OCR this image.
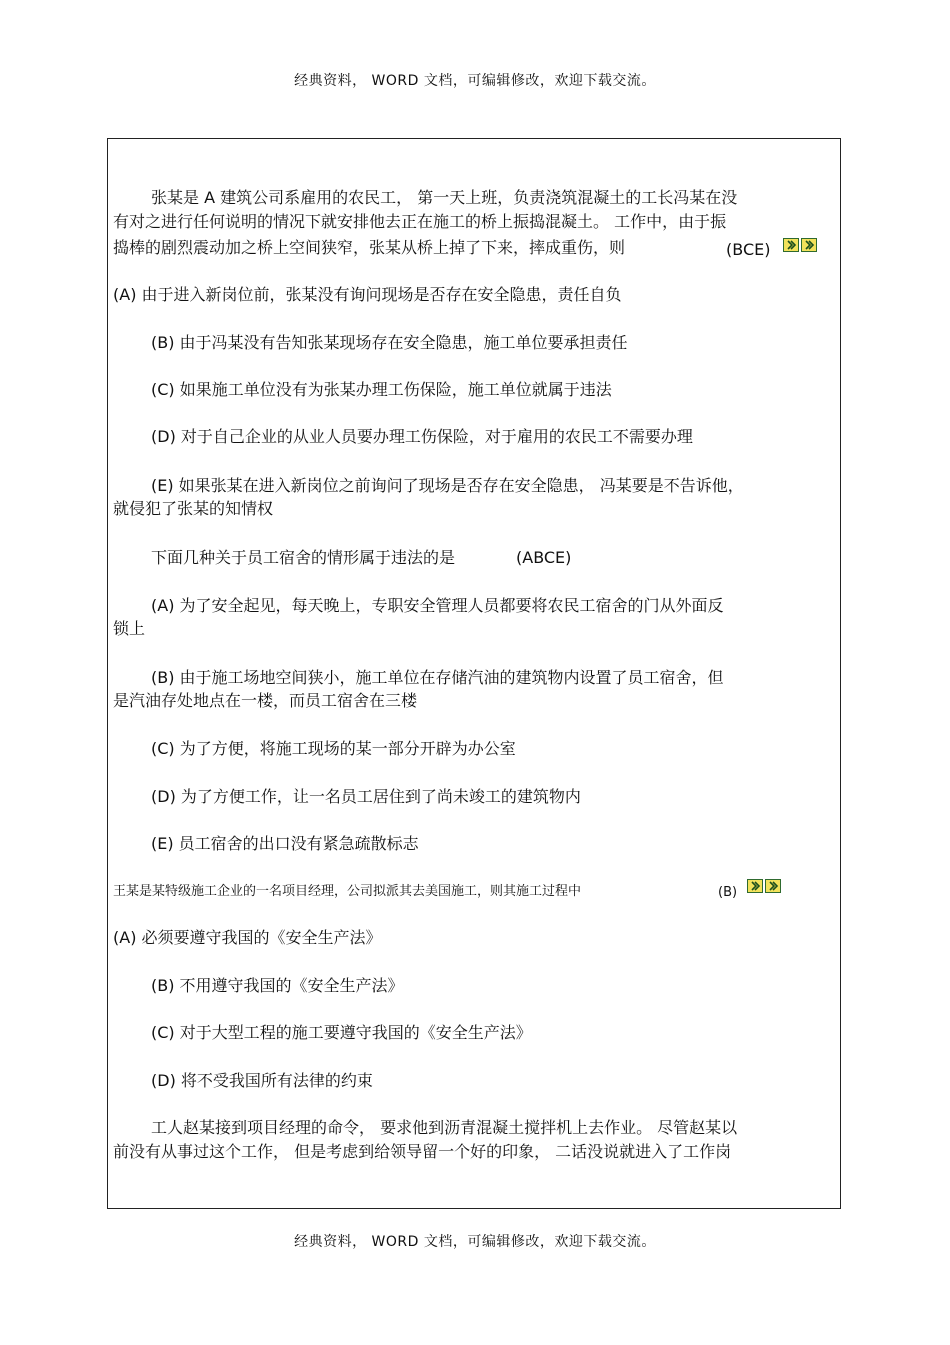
经典资料， WORD 文档，可编辑修改，欢迎下载交流。
张某是 A 建筑公司系雇用的农民工， 第一天上班，负责浇筑混凝土的工长冯某在没
有对之进行任何说明的情况下就安排他去正在施工的桥上振捣混凝土。 工作中，由于振
捣棒的剧烈震动加之桥上空间狭窄，张某从桥上掉了下来，摔成重伤，则	(BCE)
(A) 由于进入新岗位前，张某没有询问现场是否存在安全隐患，责任自负
(B) 由于冯某没有告知张某现场存在安全隐患，施工单位要承担责任
(C) 如果施工单位没有为张某办理工伤保险，施工单位就属于违法
(D) 对于自己企业的从业人员要办理工伤保险，对于雇用的农民工不需要办理
(E) 如果张某在进入新岗位之前询问了现场是否存在安全隐患， 冯某要是不告诉他，
就侵犯了张某的知情权
下面几种关于员工宿舍的情形属于违法的是	(ABCE)
(A) 为了安全起见，每天晚上，专职安全管理人员都要将农民工宿舍的门从外面反
锁上
(B) 由于施工场地空间狭小，施工单位在存储汽油的建筑物内设置了员工宿舍，但
是汽油存处地点在一楼，而员工宿舍在三楼
(C) 为了方便，将施工现场的某一部分开辟为办公室
(D) 为了方便工作，让一名员工居住到了尚未竣工的建筑物内
(E) 员工宿舍的出口没有紧急疏散标志
王某是某特级施工企业的一名项目经理，公司拟派其去美国施工，则其施工过程中	(B)
(A) 必须要遵守我国的《安全生产法》
(B) 不用遵守我国的《安全生产法》
(C) 对于大型工程的施工要遵守我国的《安全生产法》
(D) 将不受我国所有法律的约束
工人赵某接到项目经理的命令， 要求他到沥青混凝土搅拌机上去作业。 尽管赵某以
前没有从事过这个工作， 但是考虑到给领导留一个好的印象， 二话没说就进入了工作岗
经典资料， WORD 文档，可编辑修改，欢迎下载交流。
